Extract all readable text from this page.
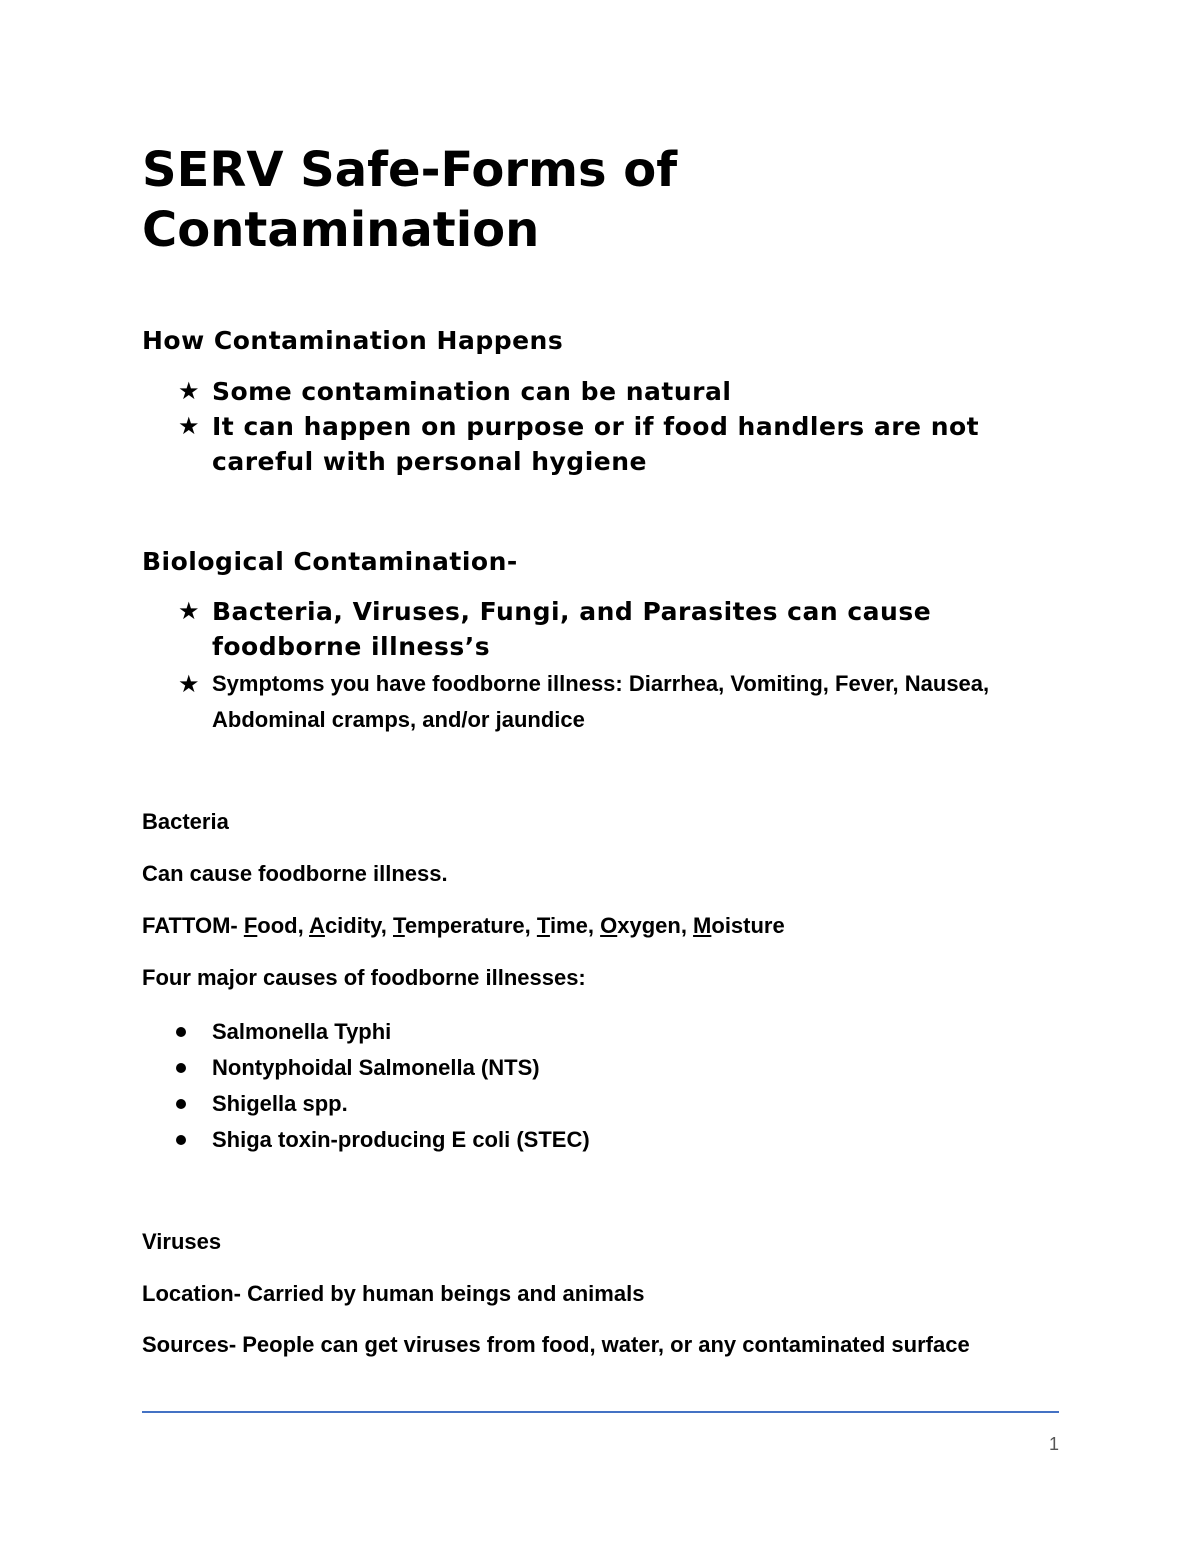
SERV Safe-Forms of Contamination
How Contamination Happens
★ Some contamination can be natural
★ It can happen on purpose or if food handlers are not careful with personal hygiene
Biological Contamination-
★ Bacteria, Viruses, Fungi, and Parasites can cause foodborne illness’s
★ Symptoms you have foodborne illness: Diarrhea, Vomiting, Fever, Nausea, Abdominal cramps, and/or jaundice

Bacteria

Can cause foodborne illness.

FATTOM- Food, Acidity, Temperature, Time, Oxygen, Moisture

Four major causes of foodborne illnesses:

Salmonella Typhi
Nontyphoidal Salmonella (NTS)
Shigella spp.
Shiga toxin-producing E coli (STEC)

Viruses

Location- Carried by human beings and animals

Sources- People can get viruses from food, water, or any contaminated surface

1
